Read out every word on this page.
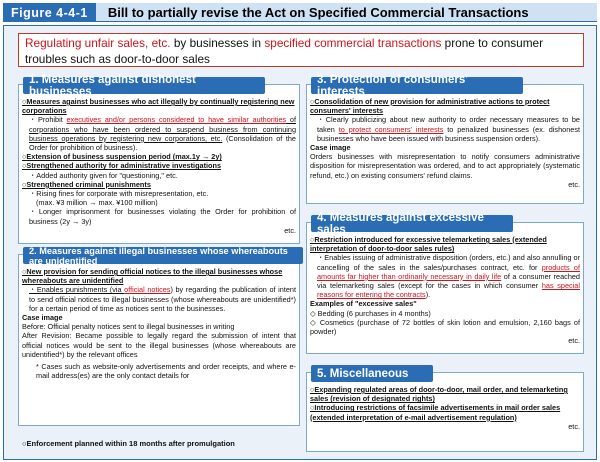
Figure 4-4-1	Bill to partially revise the Act on Specified Commercial Transactions
Regulating unfair sales, etc. by businesses in specified commercial transactions prone to consumer troubles such as door-to-door sales
1. Measures against dishonest businesses

○Measures against businesses who act illegally by continually registering new corporations

・Prohibit executives and/or persons considered to have similar authorities of corporations who have been ordered to suspend business from continuing business operations by registering new corporations, etc. (Consolidation of the Order for prohibition of business).

○Extension of business suspension period (max.1y → 2y)

○Strengthened authority for administrative investigations

・Added authority given for "questioning," etc.

○Strengthened criminal punishments

・Rising fines for corporate with misrepresentation, etc.

(max. ¥3 million → max. ¥100 million)

・Longer imprisonment for businesses violating the Order for prohibition of business (2y → 3y)

etc.

2. Measures against illegal businesses whose whereabouts are unidentified

○New provision for sending official notices to the illegal businesses whose whereabouts are unidentified

・Enables punishments (via official notices) by regarding the publication of intent to send official notices to illegal businesses (whose whereabouts are unidentified*) for a certain period of time as notices sent to the businesses.

Case image

Before: Official penalty notices sent to illegal businesses in writing

After Revision: Became possible to legally regard the submission of intent that official notices would be sent to the illegal businesses (whose whereabouts are unidentified*) by the relevant offices

* Cases such as website-only advertisements and order receipts, and where e-mail address(es) are the only contact details for

○Enforcement planned within 18 months after promulgation
3. Protection of consumers' interests

○Consolidation of new provision for administrative actions to protect consumers' interests

・Clearly publicizing about new authority to order necessary measures to be taken to protect consumers' interests to penalized businesses (ex. dishonest businesses who have been issued with business suspension orders).

Case image

Orders businesses with misrepresentation to notify consumers administrative disposition for misrepresentation was ordered, and to act appropriately (systematic refund, etc.) on existing consumers' refund claims.

etc.

4. Measures against excessive sales

○Restriction introduced for excessive telemarketing sales (extended interpretation of door-to-door sales rules)

・Enables issuing of administrative disposition (orders, etc.) and also annulling or cancelling of the sales in the sales/purchases contract, etc. for products of amounts far higher than ordinarily necessary in daily life of a consumer reached via telemarketing sales (except for the cases in which consumer has special reasons for entering the contracts).

Examples of "excessive sales"

◇ Bedding (6 purchases in 4 months)

◇ Cosmetics (purchase of 72 bottles of skin lotion and emulsion, 2,160 bags of powder)

etc.

5. Miscellaneous

○Expanding regulated areas of door-to-door, mail order, and telemarketing sales (revision of designated rights)

○Introducing restrictions of facsimile advertisements in mail order sales (extended interpretation of e-mail advertisement regulation)

etc.
